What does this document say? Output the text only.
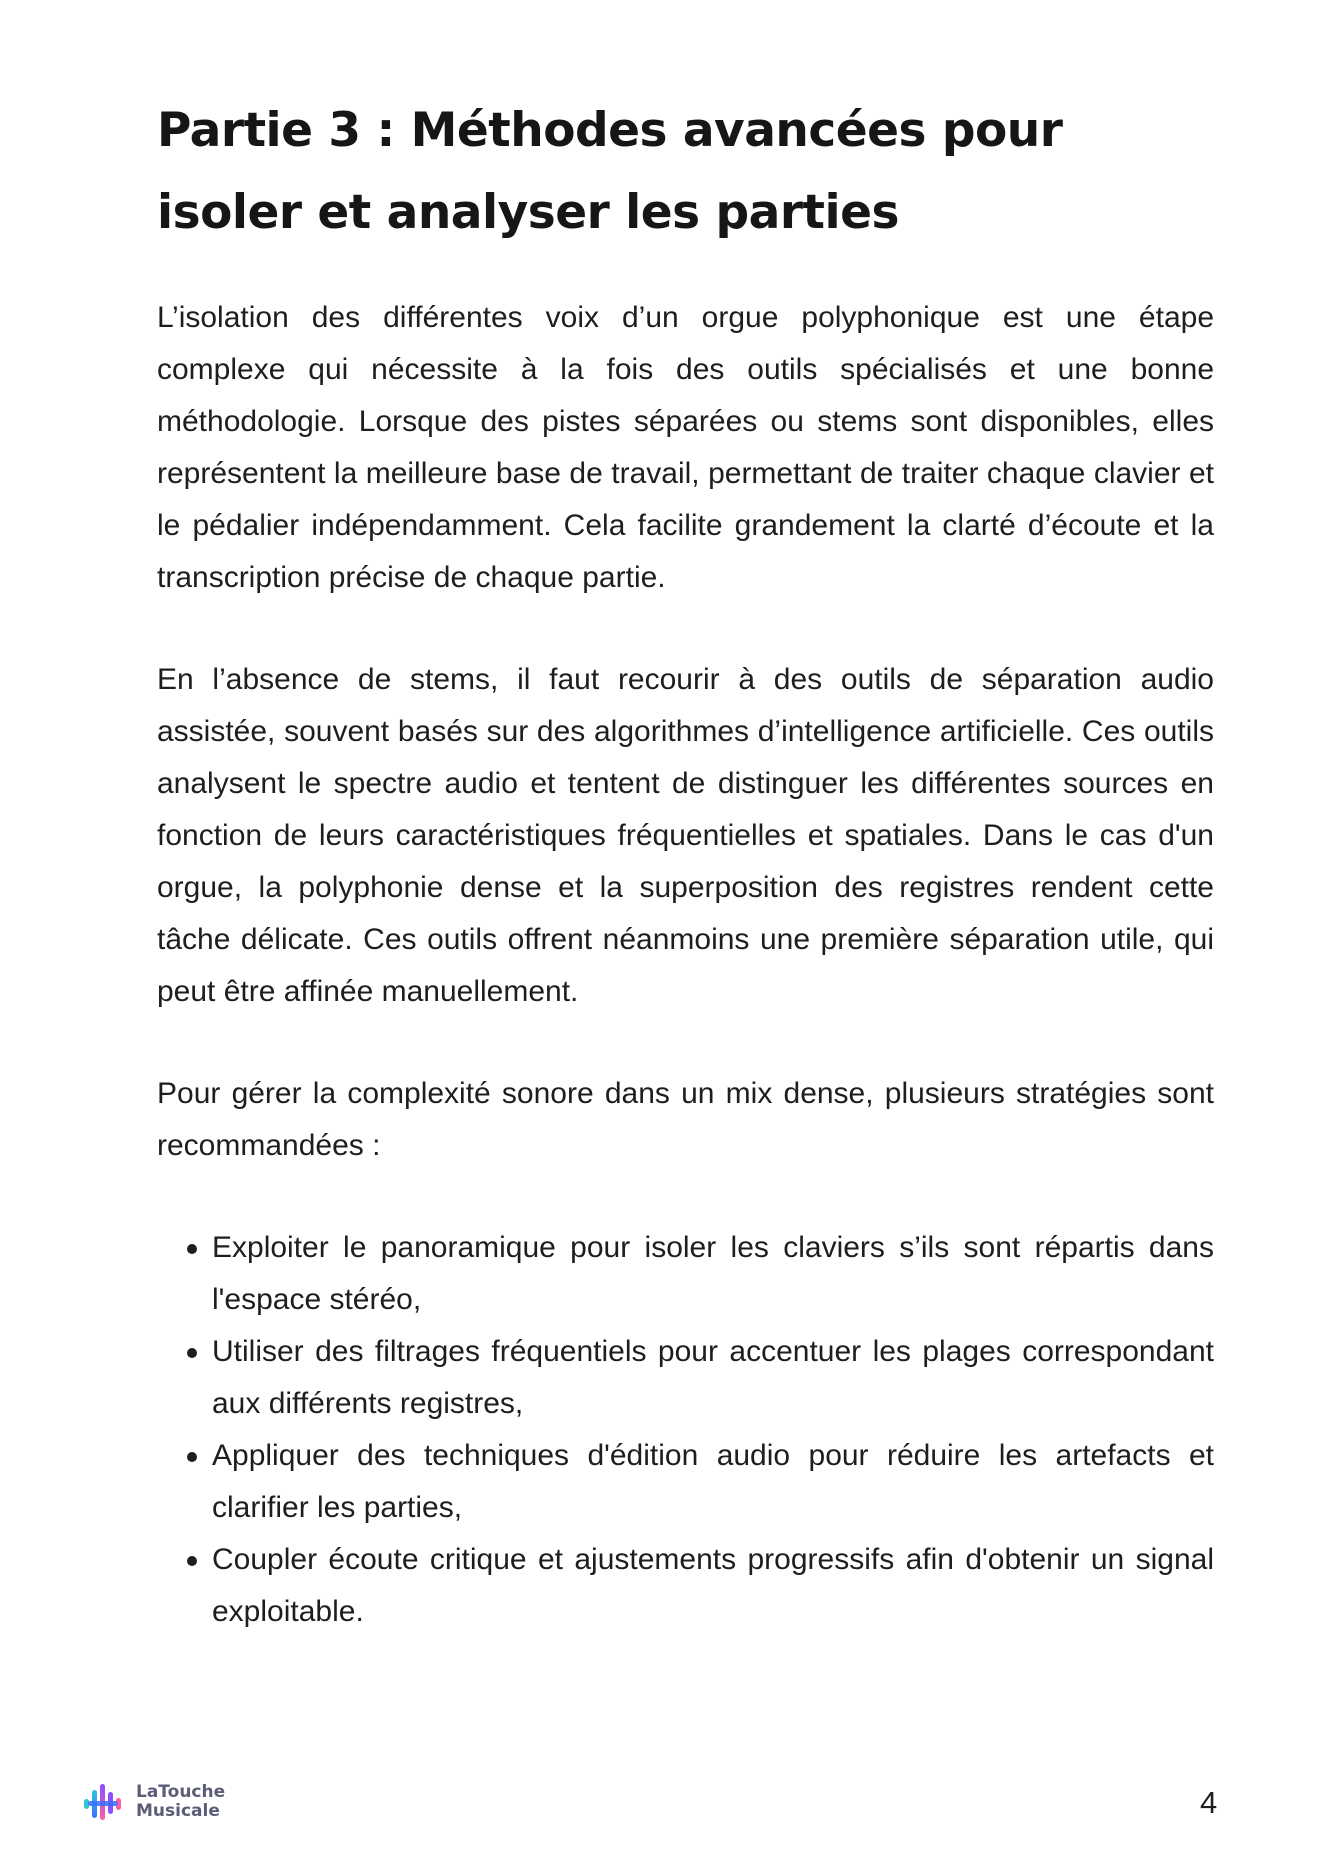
Partie 3 : Méthodes avancées pour isoler et analyser les parties

L’isolation des différentes voix d’un orgue polyphonique est une étape complexe qui nécessite à la fois des outils spécialisés et une bonne méthodologie. Lorsque des pistes séparées ou stems sont disponibles, elles représentent la meilleure base de travail, permettant de traiter chaque clavier et le pédalier indépendamment. Cela facilite grandement la clarté d’écoute et la transcription précise de chaque partie.

En l’absence de stems, il faut recourir à des outils de séparation audio assistée, souvent basés sur des algorithmes d’intelligence artificielle. Ces outils analysent le spectre audio et tentent de distinguer les différentes sources en fonction de leurs caractéristiques fréquentielles et spatiales. Dans le cas d'un orgue, la polyphonie dense et la superposition des registres rendent cette tâche délicate. Ces outils offrent néanmoins une première séparation utile, qui peut être affinée manuellement.

Pour gérer la complexité sonore dans un mix dense, plusieurs stratégies sont recommandées :

Exploiter le panoramique pour isoler les claviers s’ils sont répartis dans l'espace stéréo,
Utiliser des filtrages fréquentiels pour accentuer les plages correspondant aux différents registres,
Appliquer des techniques d'édition audio pour réduire les artefacts et clarifier les parties,
Coupler écoute critique et ajustements progressifs afin d'obtenir un signal exploitable.
LaTouche
Musicale	4
